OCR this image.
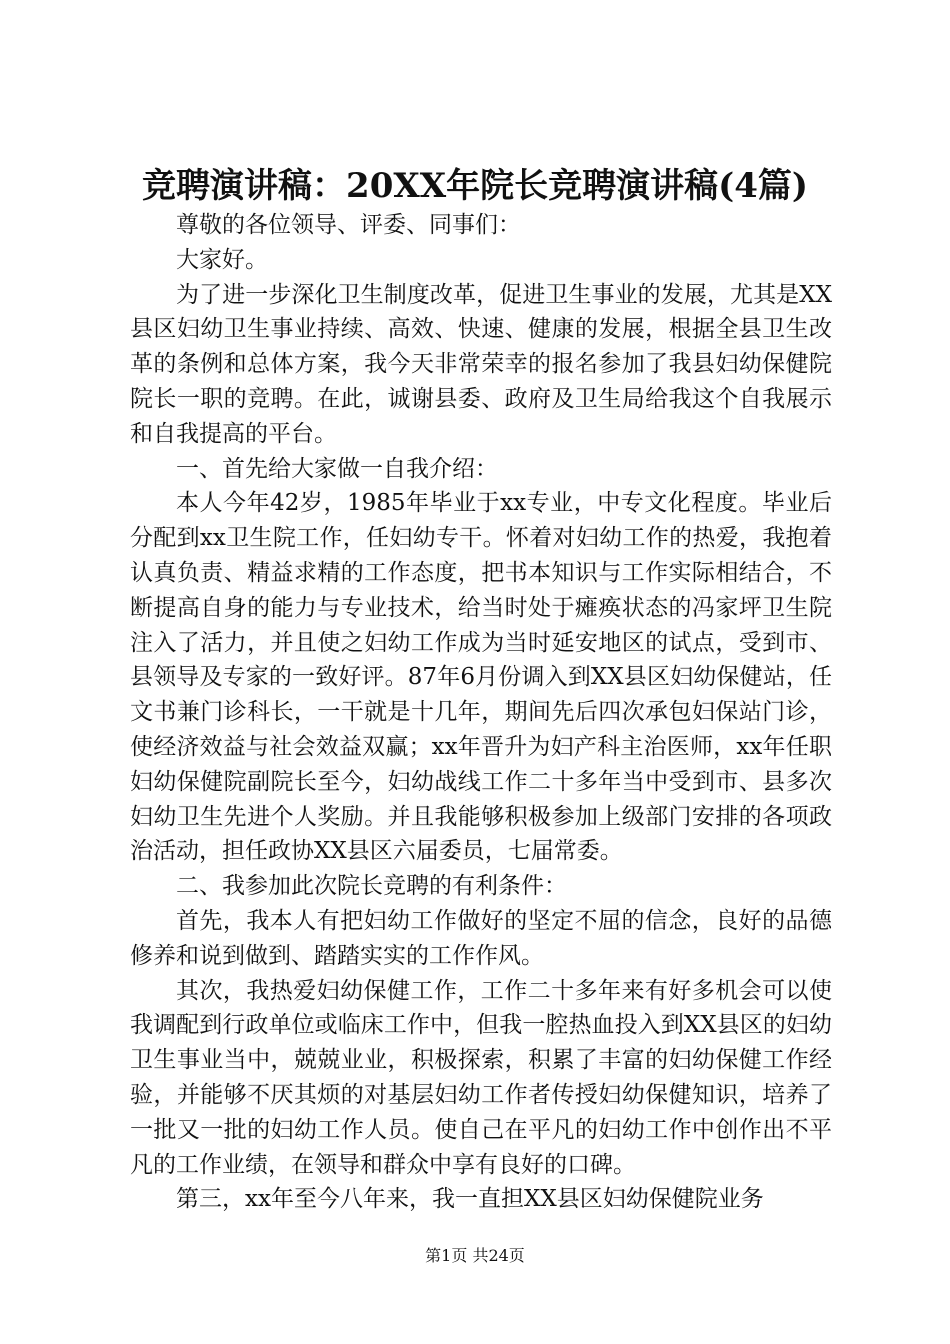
竞聘演讲稿：20XX年院长竞聘演讲稿(4篇)

尊敬的各位领导、评委、同事们：

大家好。

为了进一步深化卫生制度改革，促进卫生事业的发展，尤其是XX县区妇幼卫生事业持续、高效、快速、健康的发展，根据全县卫生改革的条例和总体方案，我今天非常荣幸的报名参加了我县妇幼保健院院长一职的竞聘。在此，诚谢县委、政府及卫生局给我这个自我展示和自我提高的平台。

一、首先给大家做一自我介绍：

本人今年42岁，1985年毕业于xx专业，中专文化程度。毕业后分配到xx卫生院工作，任妇幼专干。怀着对妇幼工作的热爱，我抱着认真负责、精益求精的工作态度，把书本知识与工作实际相结合，不断提高自身的能力与专业技术，给当时处于瘫痪状态的冯家坪卫生院注入了活力，并且使之妇幼工作成为当时延安地区的试点，受到市、县领导及专家的一致好评。87年6月份调入到XX县区妇幼保健站，任文书兼门诊科长，一干就是十几年，期间先后四次承包妇保站门诊，使经济效益与社会效益双赢；xx年晋升为妇产科主治医师，xx年任职妇幼保健院副院长至今，妇幼战线工作二十多年当中受到市、县多次妇幼卫生先进个人奖励。并且我能够积极参加上级部门安排的各项政治活动，担任政协XX县区六届委员，七届常委。

二、我参加此次院长竞聘的有利条件：

首先，我本人有把妇幼工作做好的坚定不屈的信念，良好的品德修养和说到做到、踏踏实实的工作作风。

其次，我热爱妇幼保健工作，工作二十多年来有好多机会可以使我调配到行政单位或临床工作中，但我一腔热血投入到XX县区的妇幼卫生事业当中，兢兢业业，积极探索，积累了丰富的妇幼保健工作经验，并能够不厌其烦的对基层妇幼工作者传授妇幼保健知识，培养了一批又一批的妇幼工作人员。使自己在平凡的妇幼工作中创作出不平凡的工作业绩，在领导和群众中享有良好的口碑。

第三，xx年至今八年来，我一直担XX县区妇幼保健院业务

第1页 共24页
